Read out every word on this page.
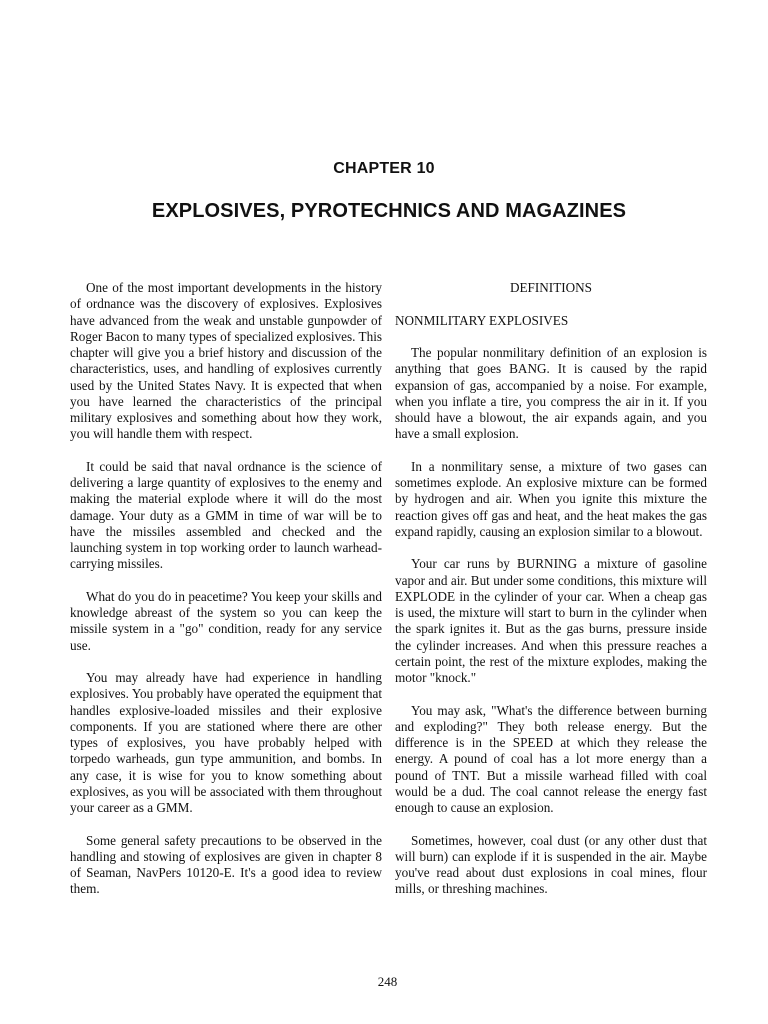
CHAPTER 10
EXPLOSIVES, PYROTECHNICS AND MAGAZINES

One of the most important developments in the history of ordnance was the discovery of explosives. Explosives have advanced from the weak and unstable gunpowder of Roger Bacon to many types of specialized explosives. This chapter will give you a brief history and discussion of the characteristics, uses, and handling of explosives currently used by the United States Navy. It is expected that when you have learned the characteristics of the principal military explosives and something about how they work, you will handle them with respect.

It could be said that naval ordnance is the science of delivering a large quantity of explosives to the enemy and making the material explode where it will do the most damage. Your duty as a GMM in time of war will be to have the missiles assembled and checked and the launching system in top working order to launch warhead-carrying missiles.

What do you do in peacetime? You keep your skills and knowledge abreast of the system so you can keep the missile system in a "go" condition, ready for any service use.

You may already have had experience in handling explosives. You probably have operated the equipment that handles explosive-loaded missiles and their explosive components. If you are stationed where there are other types of explosives, you have probably helped with torpedo warheads, gun type ammunition, and bombs. In any case, it is wise for you to know something about explosives, as you will be associated with them throughout your career as a GMM.

Some general safety precautions to be observed in the handling and stowing of explosives are given in chapter 8 of Seaman, NavPers 10120-E. It's a good idea to review them.

DEFINITIONS
NONMILITARY EXPLOSIVES

The popular nonmilitary definition of an explosion is anything that goes BANG. It is caused by the rapid expansion of gas, accompanied by a noise. For example, when you inflate a tire, you compress the air in it. If you should have a blowout, the air expands again, and you have a small explosion.

In a nonmilitary sense, a mixture of two gases can sometimes explode. An explosive mixture can be formed by hydrogen and air. When you ignite this mixture the reaction gives off gas and heat, and the heat makes the gas expand rapidly, causing an explosion similar to a blowout.

Your car runs by BURNING a mixture of gasoline vapor and air. But under some conditions, this mixture will EXPLODE in the cylinder of your car. When a cheap gas is used, the mixture will start to burn in the cylinder when the spark ignites it. But as the gas burns, pressure inside the cylinder increases. And when this pressure reaches a certain point, the rest of the mixture explodes, making the motor "knock."

You may ask, "What's the difference between burning and exploding?" They both release energy. But the difference is in the SPEED at which they release the energy. A pound of coal has a lot more energy than a pound of TNT. But a missile warhead filled with coal would be a dud. The coal cannot release the energy fast enough to cause an explosion.

Sometimes, however, coal dust (or any other dust that will burn) can explode if it is suspended in the air. Maybe you've read about dust explosions in coal mines, flour mills, or threshing machines.

248
